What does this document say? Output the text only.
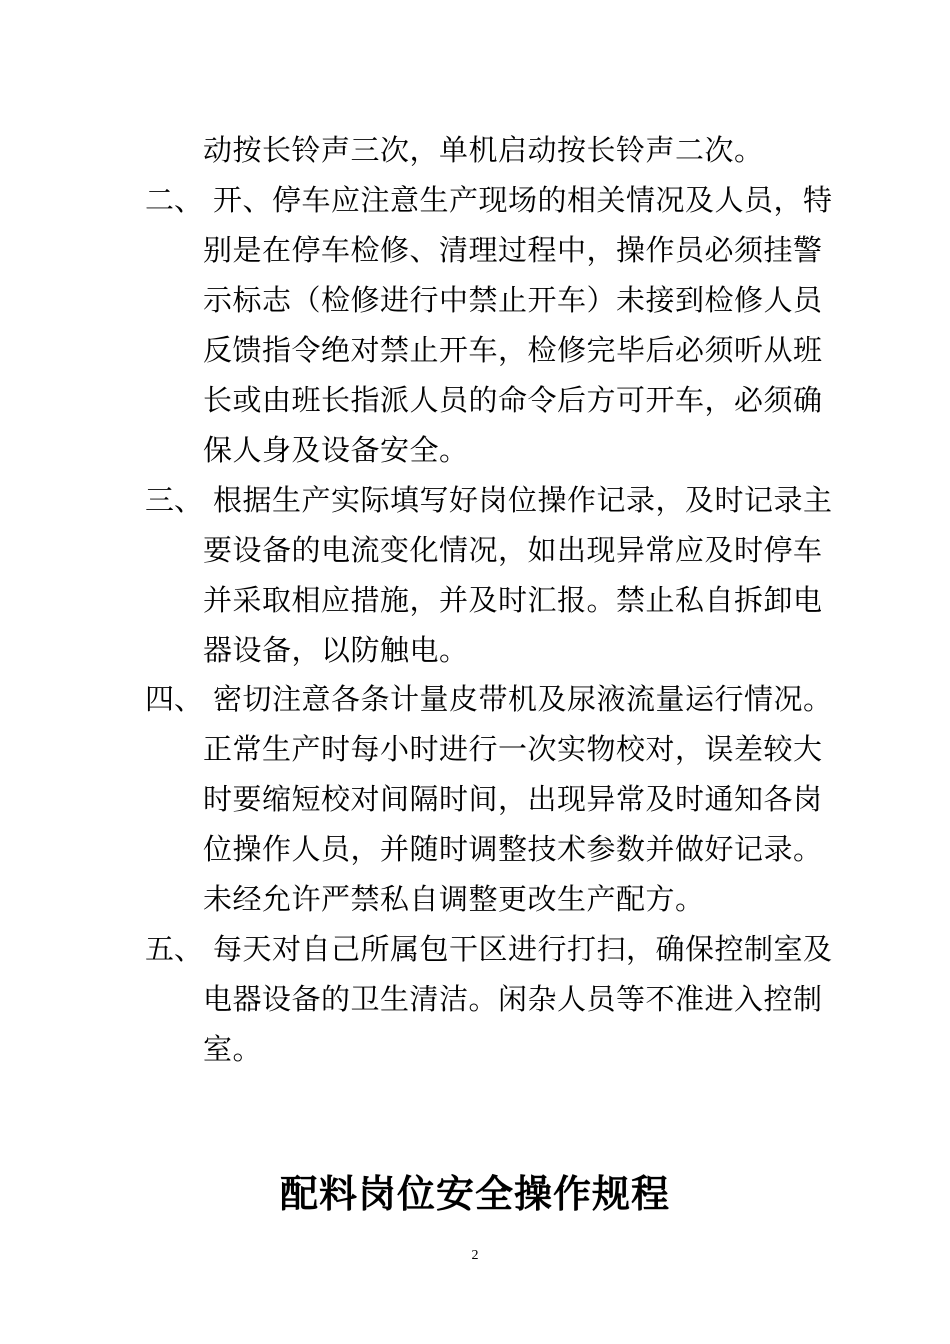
动按长铃声三次，单机启动按长铃声二次。
二、 开、停车应注意生产现场的相关情况及人员，特
别是在停车检修、清理过程中，操作员必须挂警
示标志（检修进行中禁止开车）未接到检修人员
反馈指令绝对禁止开车，检修完毕后必须听从班
长或由班长指派人员的命令后方可开车，必须确
保人身及设备安全。
三、 根据生产实际填写好岗位操作记录，及时记录主
要设备的电流变化情况，如出现异常应及时停车
并采取相应措施，并及时汇报。禁止私自拆卸电
器设备，以防触电。
四、 密切注意各条计量皮带机及尿液流量运行情况。
正常生产时每小时进行一次实物校对，误差较大
时要缩短校对间隔时间，出现异常及时通知各岗
位操作人员，并随时调整技术参数并做好记录。
未经允许严禁私自调整更改生产配方。
五、 每天对自己所属包干区进行打扫，确保控制室及
电器设备的卫生清洁。闲杂人员等不准进入控制
室。
配料岗位安全操作规程
2
